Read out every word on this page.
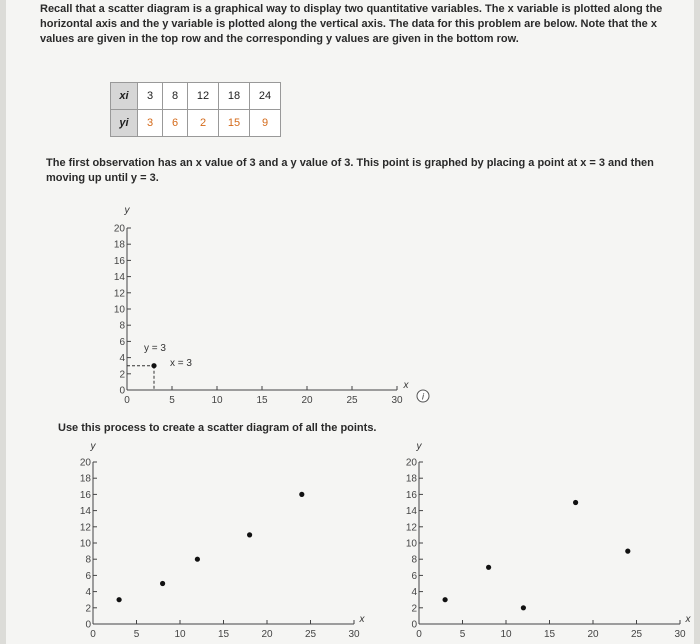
Recall that a scatter diagram is a graphical way to display two quantitative variables. The x variable is plotted along the horizontal axis and the y variable is plotted along the vertical axis. The data for this problem are below. Note that the x values are given in the top row and the corresponding y values are given in the bottom row.
xi	3	8	12	18	24
yi	3	6	2	15	9
The first observation has an x value of 3 and a y value of 3. This point is graphed by placing a point at x = 3 and then moving up until y = 3.
y = 3
x = 3
i
0
2
4
6
8
10
12
14
16
18
20
0	5	10	15	20	25	30
y
x
Use this process to create a scatter diagram of all the points.
0
2
4
6
8
10
12
14
16
18
20
0	5	10	15	20	25	30
y
x	0
2
4
6
8
10
12
14
16
18
20
0	5	10	15	20	25	30
y
x
